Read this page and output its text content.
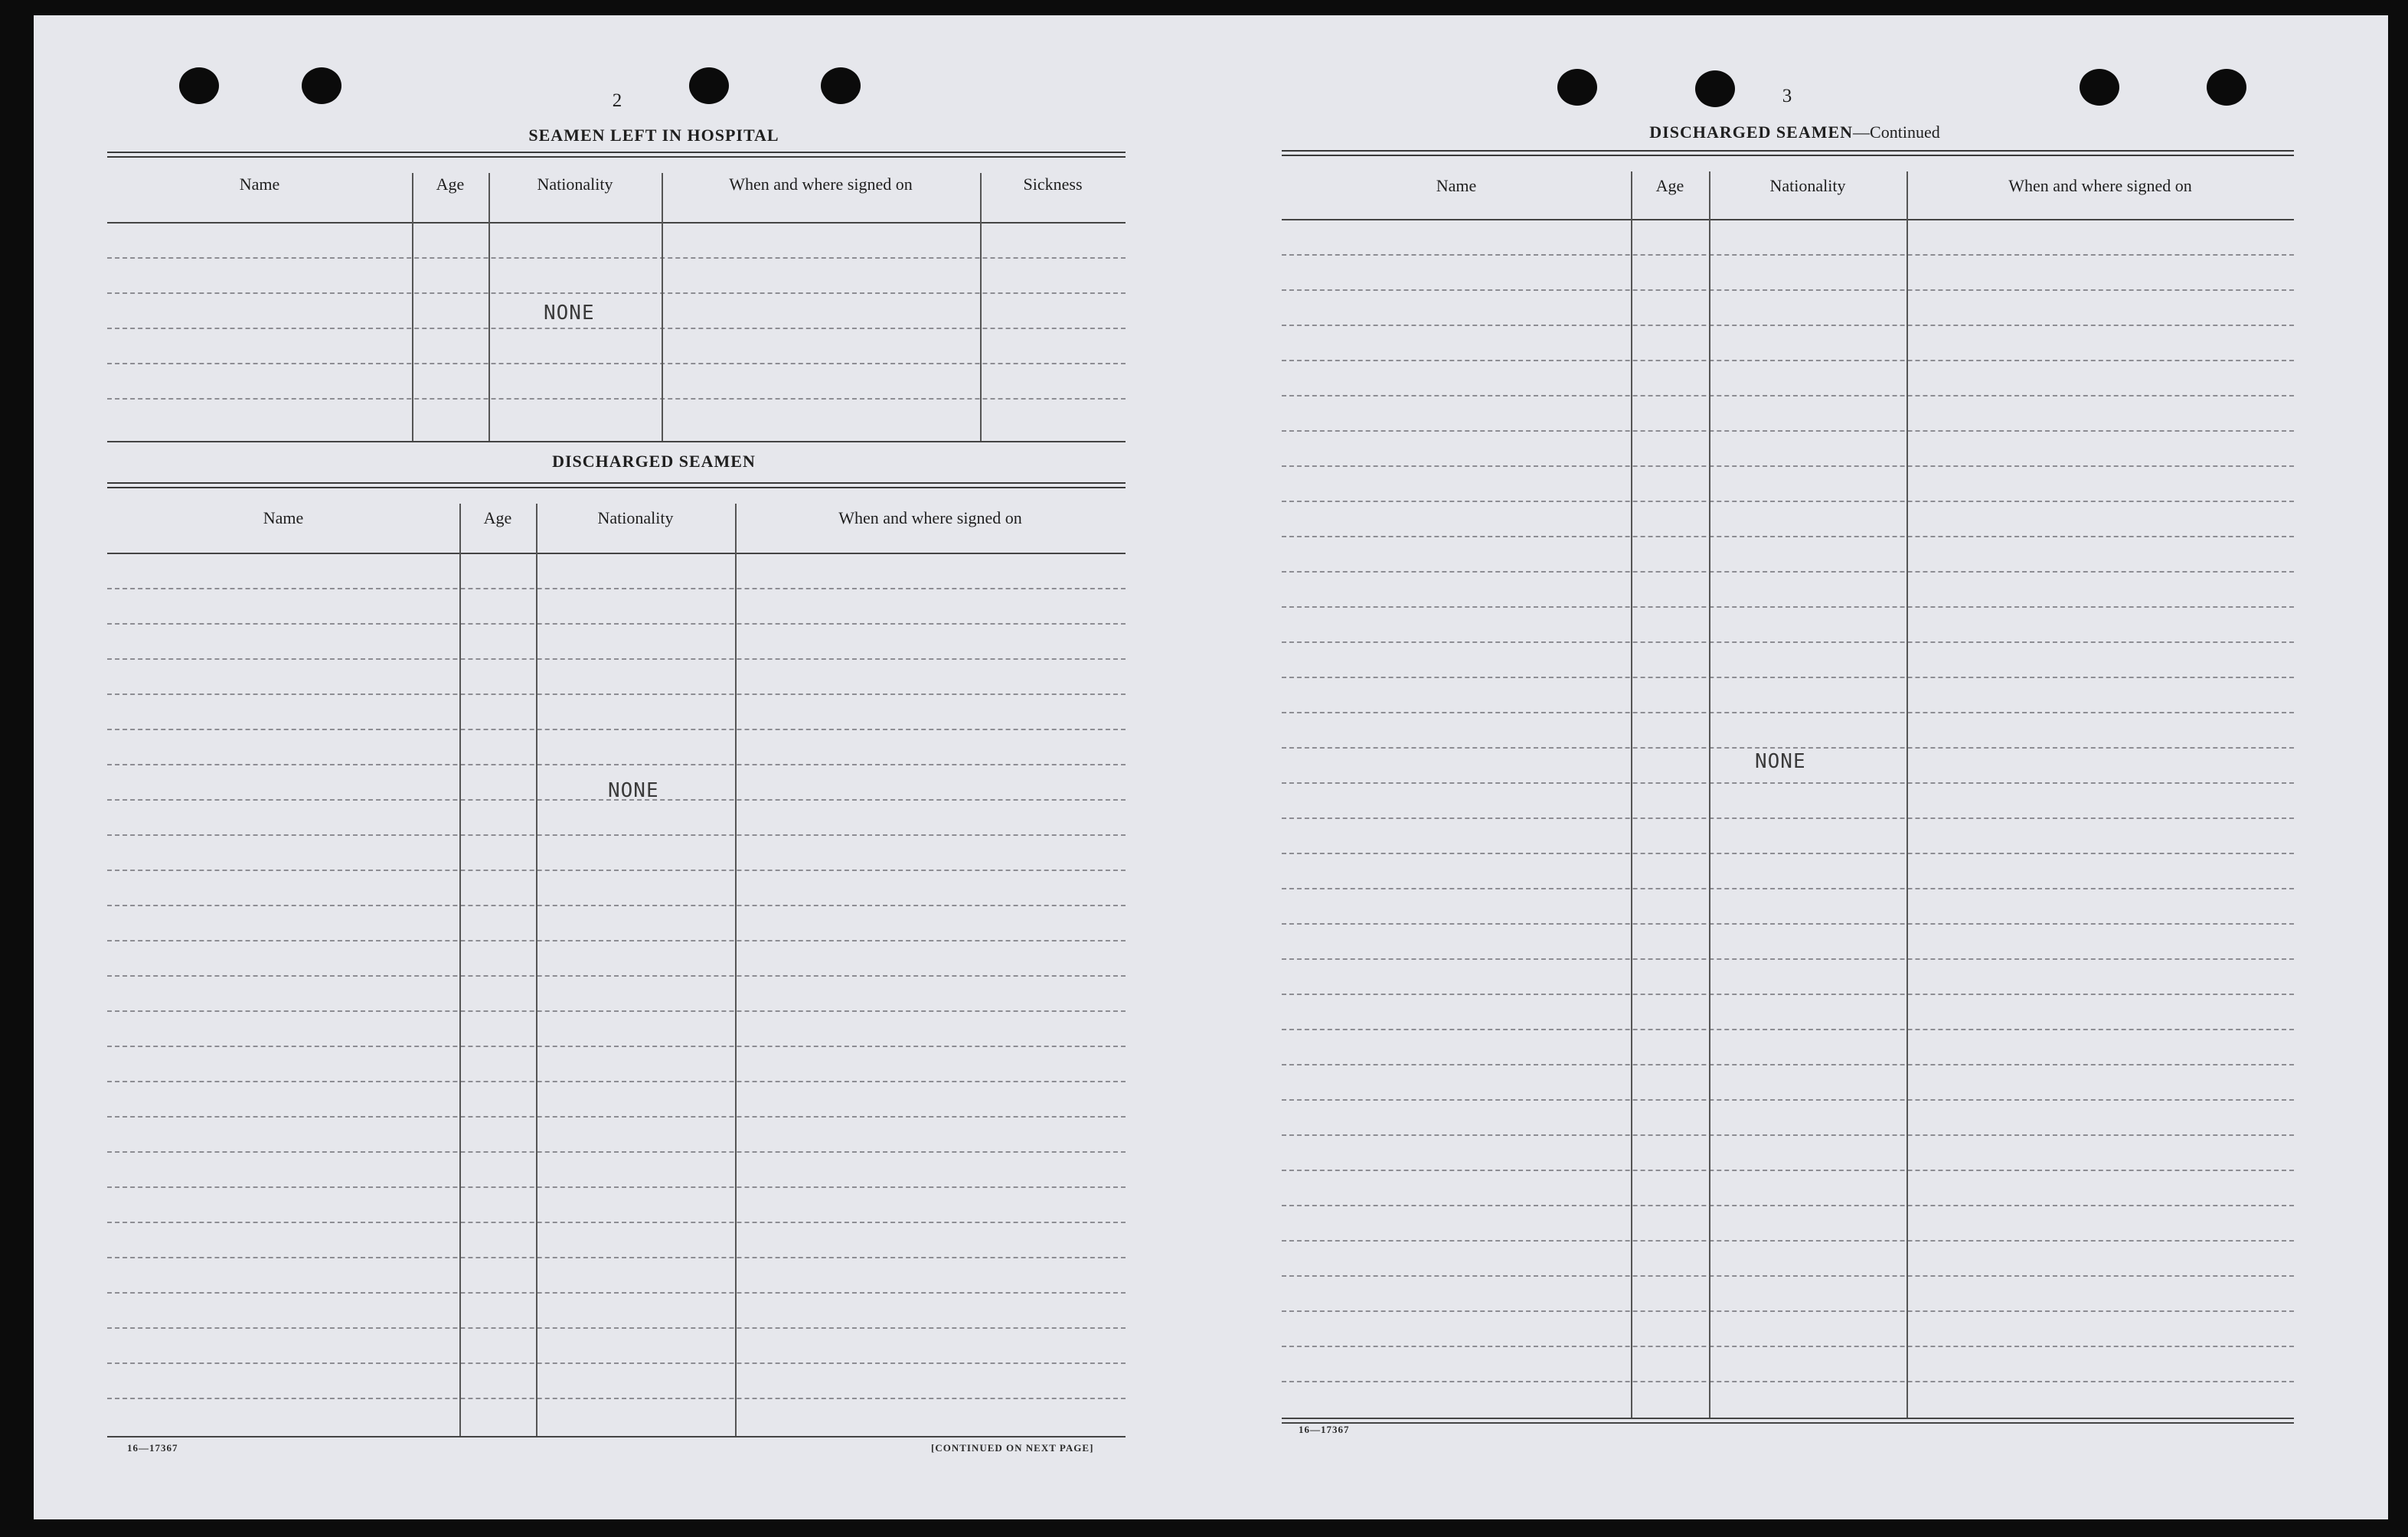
2
SEAMEN LEFT IN HOSPITAL
Name	Age	Nationality	When and where signed on	Sickness
NONE
DISCHARGED SEAMEN
Name	Age	Nationality	When and where signed on
NONE
16—17367	[CONTINUED ON NEXT PAGE]
3
DISCHARGED SEAMEN—Continued
Name	Age	Nationality	When and where signed on
NONE
16—17367
